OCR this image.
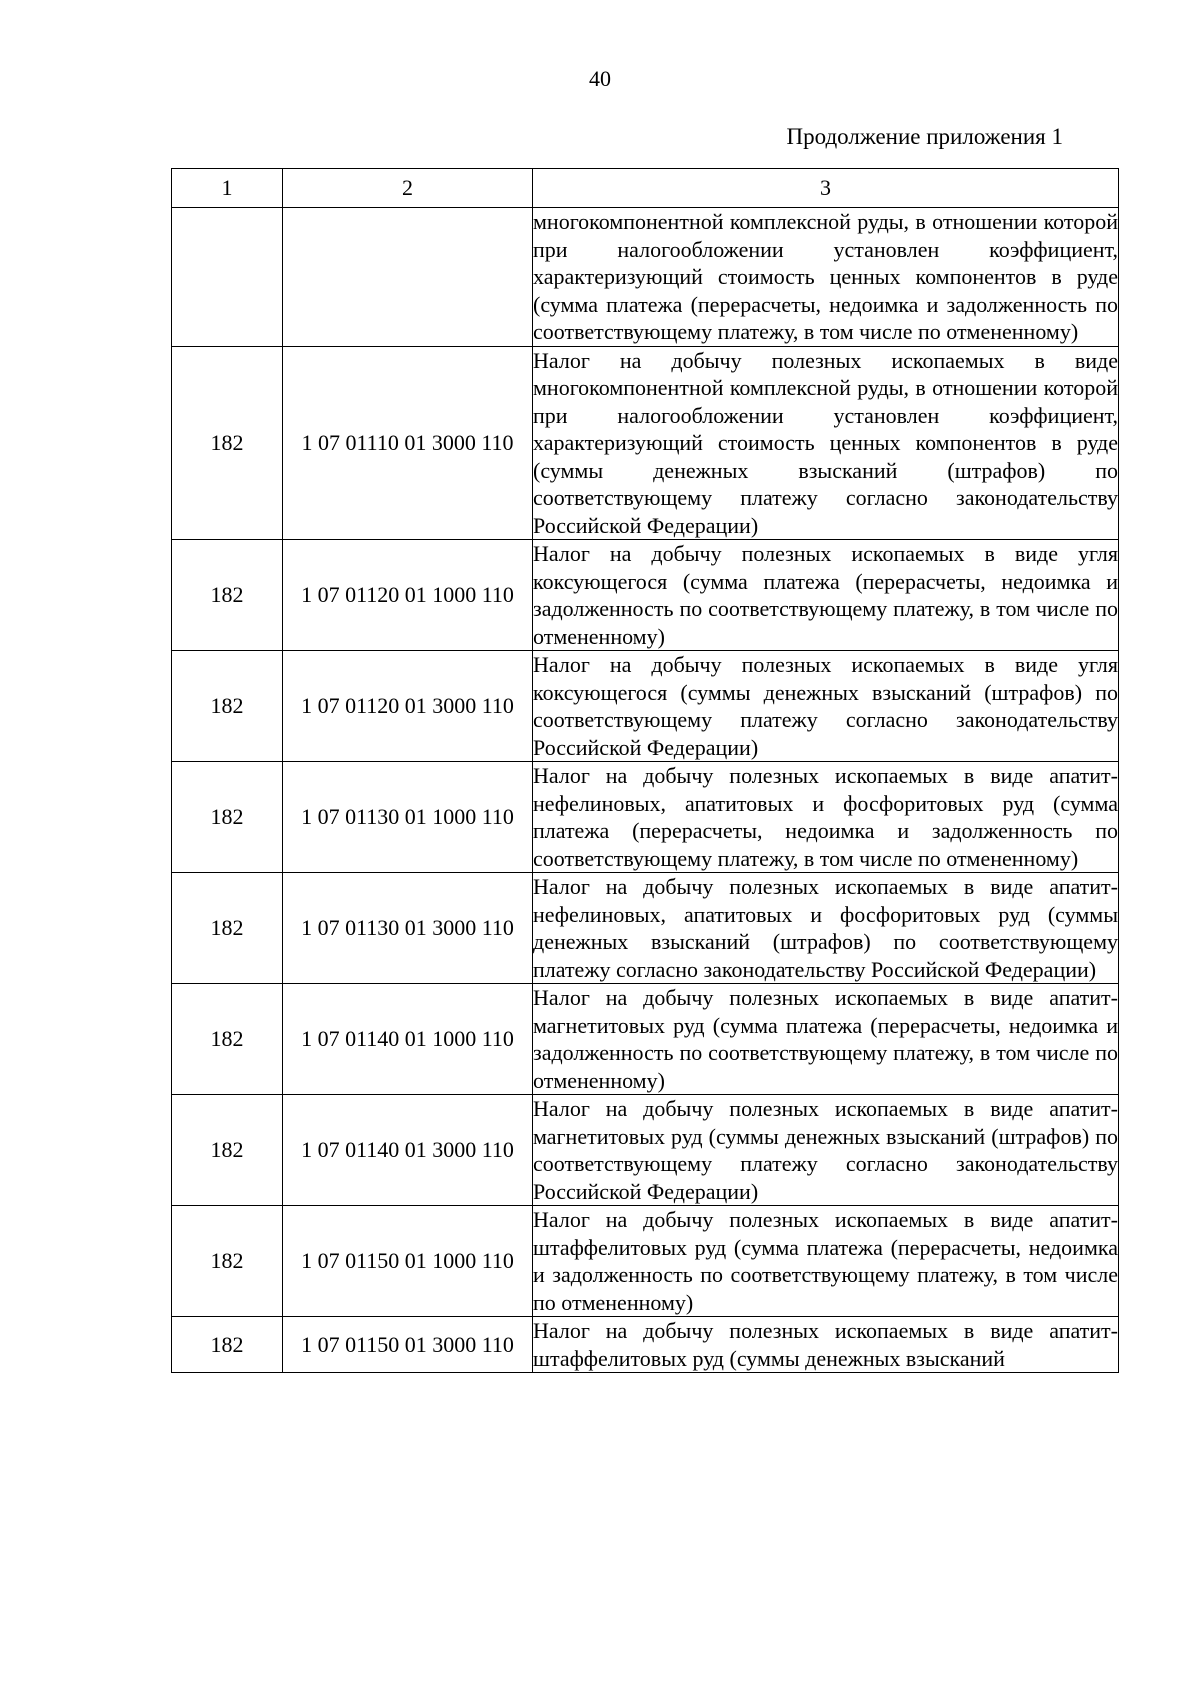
40
Продолжение приложения 1
1	2	3
		многокомпонентной комплексной руды, в отношении которой при налогообложении установлен коэффициент, характеризующий стоимость ценных компонентов в руде (сумма платежа (перерасчеты, недоимка и задолженность по соответствующему платежу, в том числе по отмененному)
182	1 07 01110 01 3000 110	Налог на добычу полезных ископаемых в виде многокомпонентной комплексной руды, в отношении которой при налогообложении установлен коэффициент, характеризующий стоимость ценных компонентов в руде (суммы денежных взысканий (штрафов) по соответствующему платежу согласно законодательству Российской Федерации)
182	1 07 01120 01 1000 110	Налог на добычу полезных ископаемых в виде угля коксующегося (сумма платежа (перерасчеты, недоимка и задолженность по соответствующему платежу, в том числе по отмененному)
182	1 07 01120 01 3000 110	Налог на добычу полезных ископаемых в виде угля коксующегося (суммы денежных взысканий (штрафов) по соответствующему платежу согласно законодательству Российской Федерации)
182	1 07 01130 01 1000 110	Налог на добычу полезных ископаемых в виде апатит-нефелиновых, апатитовых и фосфоритовых руд (сумма платежа (перерасчеты, недоимка и задолженность по соответствующему платежу, в том числе по отмененному)
182	1 07 01130 01 3000 110	Налог на добычу полезных ископаемых в виде апатит-нефелиновых, апатитовых и фосфоритовых руд (суммы денежных взысканий (штрафов) по соответствующему платежу согласно законодательству Российской Федерации)
182	1 07 01140 01 1000 110	Налог на добычу полезных ископаемых в виде апатит-магнетитовых руд (сумма платежа (перерасчеты, недоимка и задолженность по соответствующему платежу, в том числе по отмененному)
182	1 07 01140 01 3000 110	Налог на добычу полезных ископаемых в виде апатит-магнетитовых руд (суммы денежных взысканий (штрафов) по соответствующему платежу согласно законодательству Российской Федерации)
182	1 07 01150 01 1000 110	Налог на добычу полезных ископаемых в виде апатит-штаффелитовых руд (сумма платежа (перерасчеты, недоимка и задолженность по соответствующему платежу, в том числе по отмененному)
182	1 07 01150 01 3000 110	Налог на добычу полезных ископаемых в виде апатит-штаффелитовых руд (суммы денежных взысканий
